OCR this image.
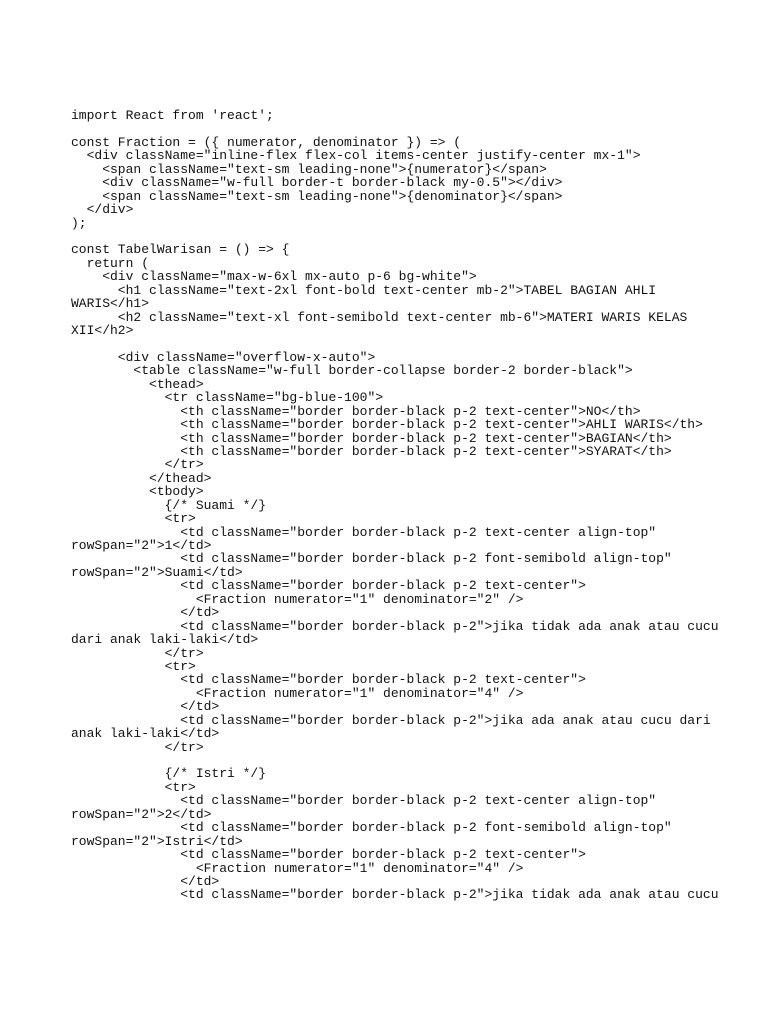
import React from 'react';
const Fraction = ({ numerator, denominator }) => (
<div className="inline-flex flex-col items-center justify-center mx-1">
<span className="text-sm leading-none">{numerator}</span>
<div className="w-full border-t border-black my-0.5"></div>
<span className="text-sm leading-none">{denominator}</span>
</div>
);
const TabelWarisan = () => {
return (
<div className="max-w-6xl mx-auto p-6 bg-white">
<h1 className="text-2xl font-bold text-center mb-2">TABEL BAGIAN AHLI
WARIS</h1>
<h2 className="text-xl font-semibold text-center mb-6">MATERI WARIS KELAS
XII</h2>
<div className="overflow-x-auto">
<table className="w-full border-collapse border-2 border-black">
<thead>
<tr className="bg-blue-100">
<th className="border border-black p-2 text-center">NO</th>
<th className="border border-black p-2 text-center">AHLI WARIS</th>
<th className="border border-black p-2 text-center">BAGIAN</th>
<th className="border border-black p-2 text-center">SYARAT</th>
</tr>
</thead>
<tbody>
{/* Suami */}
<tr>
<td className="border border-black p-2 text-center align-top"
rowSpan="2">1</td>
<td className="border border-black p-2 font-semibold align-top"
rowSpan="2">Suami</td>
<td className="border border-black p-2 text-center">
<Fraction numerator="1" denominator="2" />
</td>
<td className="border border-black p-2">jika tidak ada anak atau cucu
dari anak laki-laki</td>
</tr>
<tr>
<td className="border border-black p-2 text-center">
<Fraction numerator="1" denominator="4" />
</td>
<td className="border border-black p-2">jika ada anak atau cucu dari
anak laki-laki</td>
</tr>
{/* Istri */}
<tr>
<td className="border border-black p-2 text-center align-top"
rowSpan="2">2</td>
<td className="border border-black p-2 font-semibold align-top"
rowSpan="2">Istri</td>
<td className="border border-black p-2 text-center">
<Fraction numerator="1" denominator="4" />
</td>
<td className="border border-black p-2">jika tidak ada anak atau cucu
